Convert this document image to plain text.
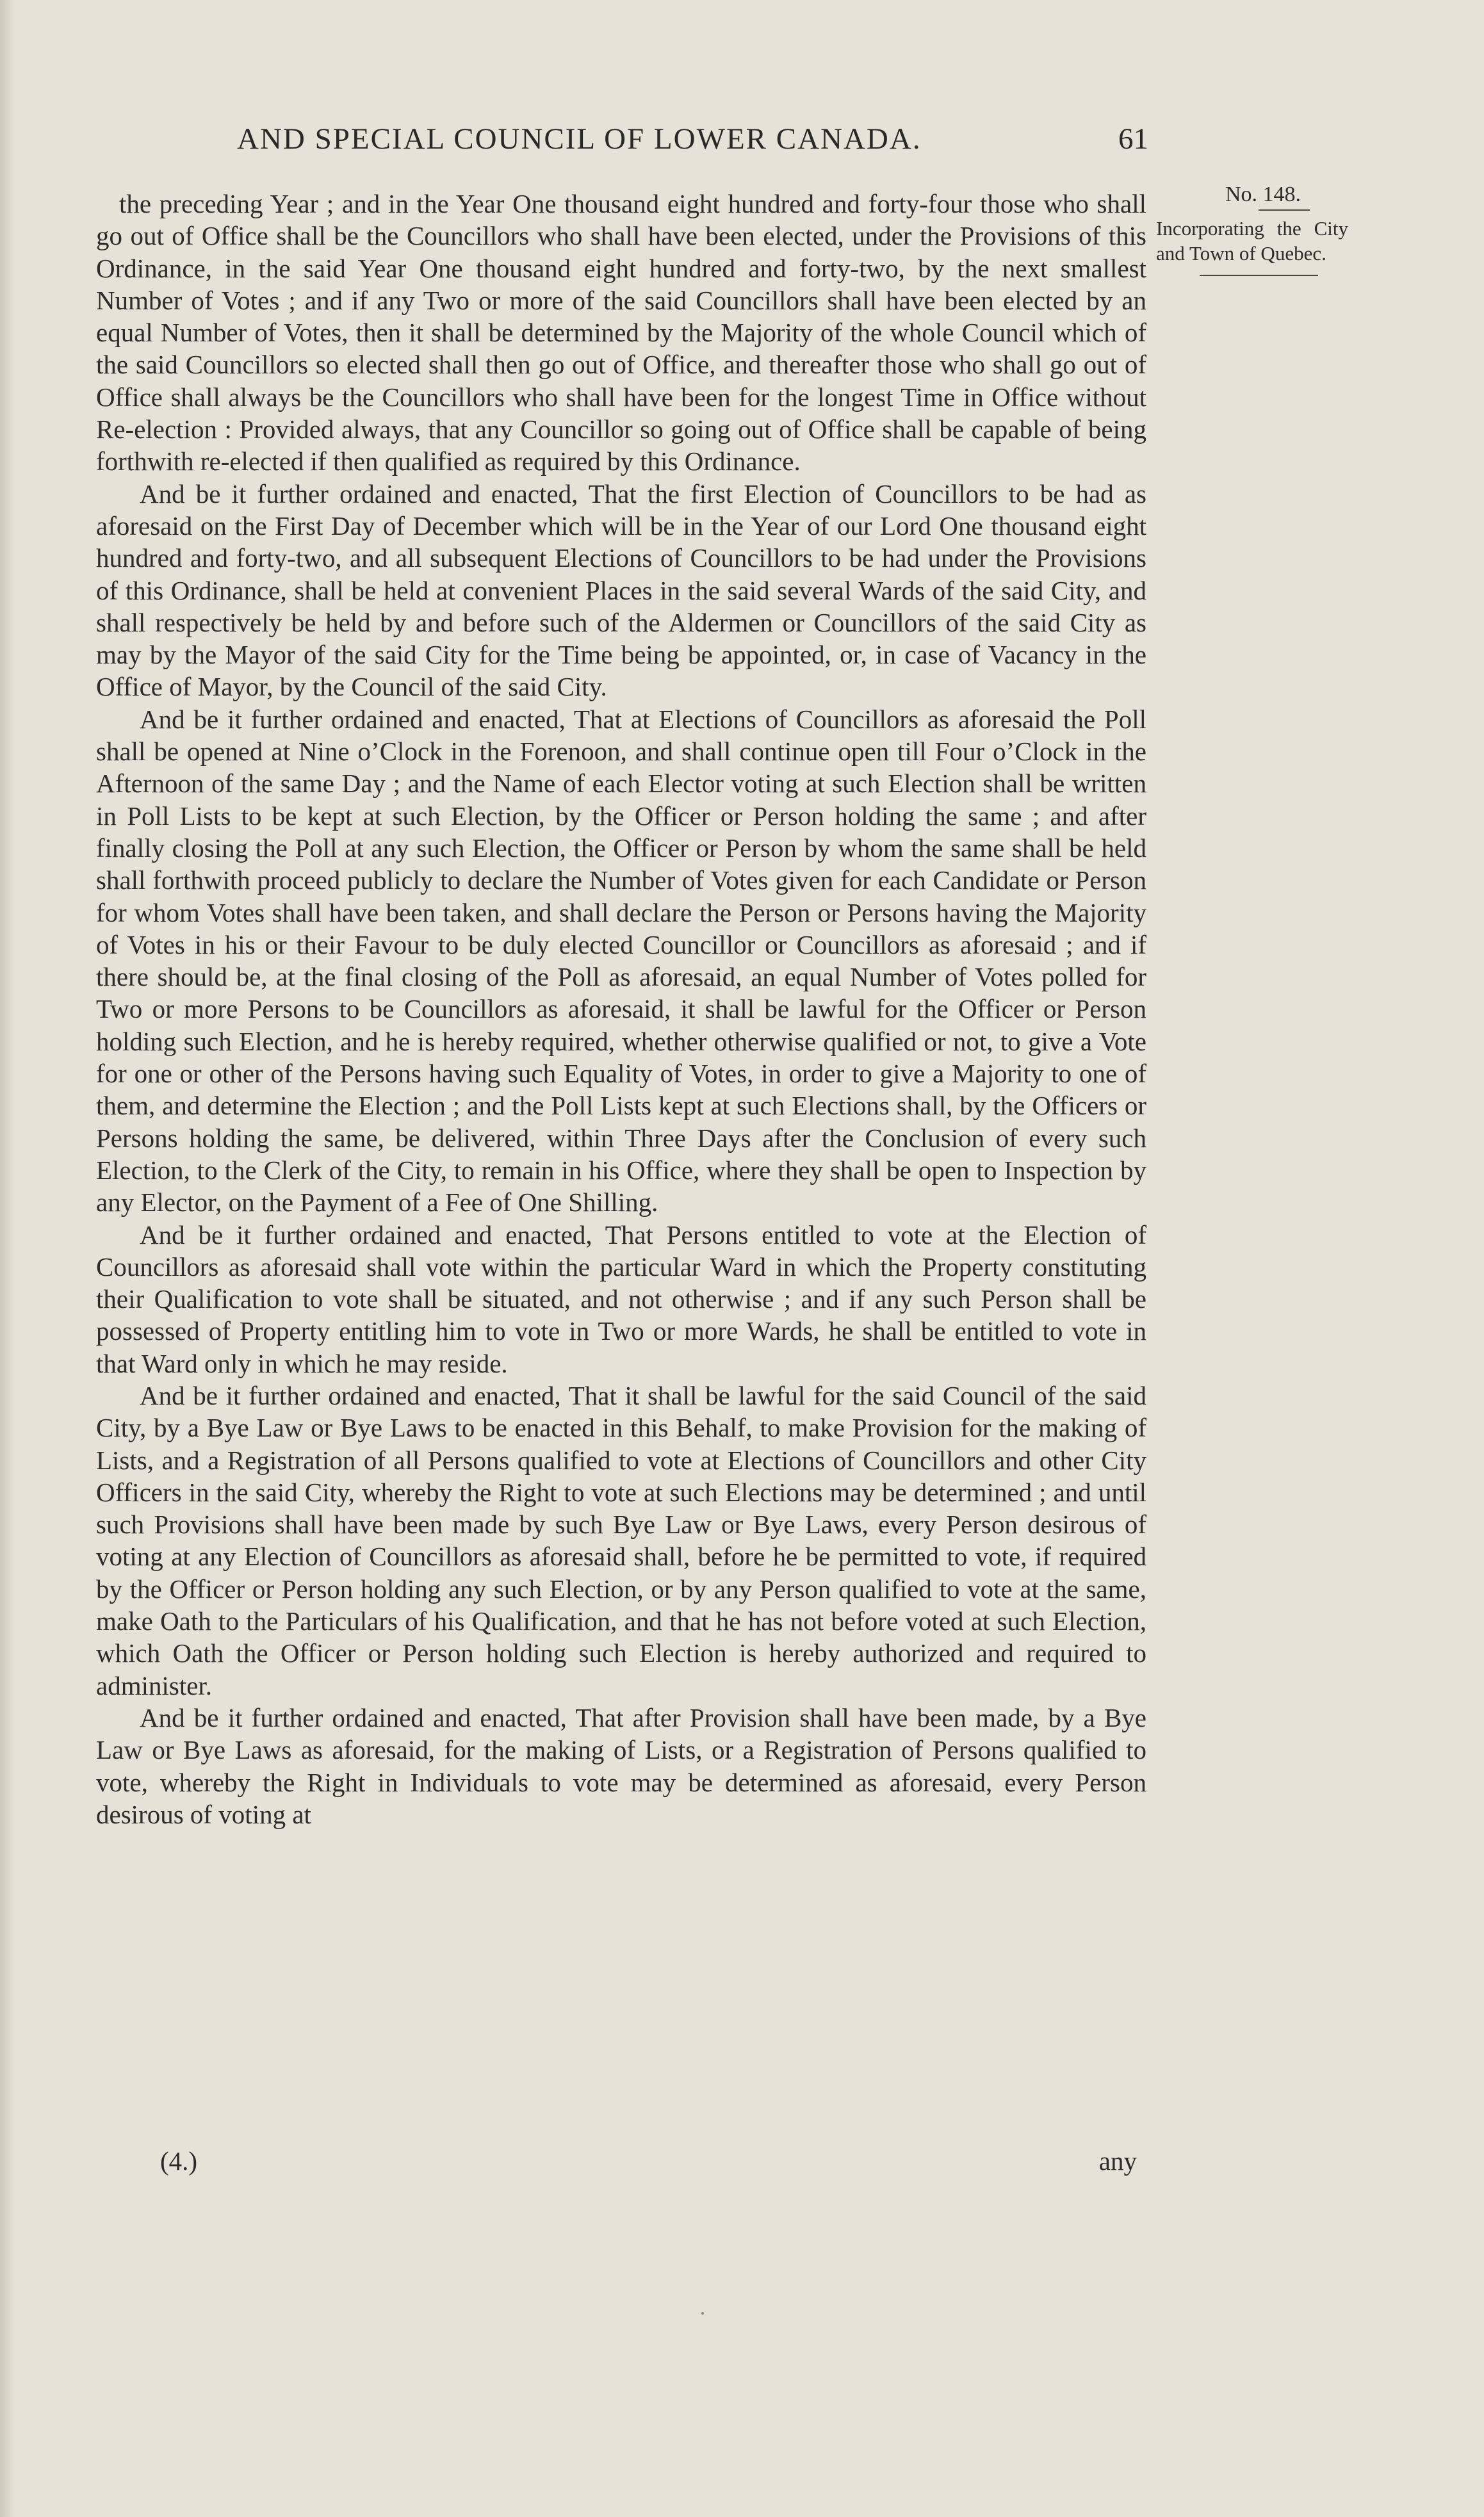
AND SPECIAL COUNCIL OF LOWER CANADA.	61
No. 148.
Incorporating the City and Town of Quebec.

the preceding Year ; and in the Year One thousand eight hundred and forty-four those who shall go out of Office shall be the Councillors who shall have been elected, under the Provisions of this Ordinance, in the said Year One thousand eight hundred and forty-two, by the next smallest Number of Votes ; and if any Two or more of the said Councillors shall have been elected by an equal Number of Votes, then it shall be determined by the Majority of the whole Council which of the said Councillors so elected shall then go out of Office, and thereafter those who shall go out of Office shall always be the Councillors who shall have been for the longest Time in Office without Re-election : Provided always, that any Councillor so going out of Office shall be capable of being forthwith re-elected if then qualified as required by this Ordinance.

And be it further ordained and enacted, That the first Election of Councillors to be had as aforesaid on the First Day of December which will be in the Year of our Lord One thousand eight hundred and forty-two, and all subsequent Elections of Councillors to be had under the Provisions of this Ordinance, shall be held at convenient Places in the said several Wards of the said City, and shall respectively be held by and before such of the Aldermen or Councillors of the said City as may by the Mayor of the said City for the Time being be appointed, or, in case of Vacancy in the Office of Mayor, by the Council of the said City.

And be it further ordained and enacted, That at Elections of Councillors as aforesaid the Poll shall be opened at Nine o’Clock in the Forenoon, and shall continue open till Four o’Clock in the Afternoon of the same Day ; and the Name of each Elector voting at such Election shall be written in Poll Lists to be kept at such Election, by the Officer or Person holding the same ; and after finally closing the Poll at any such Election, the Officer or Person by whom the same shall be held shall forthwith proceed publicly to declare the Number of Votes given for each Candidate or Person for whom Votes shall have been taken, and shall declare the Person or Persons having the Majority of Votes in his or their Favour to be duly elected Councillor or Councillors as aforesaid ; and if there should be, at the final closing of the Poll as aforesaid, an equal Number of Votes polled for Two or more Persons to be Councillors as aforesaid, it shall be lawful for the Officer or Person holding such Election, and he is hereby required, whether otherwise qualified or not, to give a Vote for one or other of the Persons having such Equality of Votes, in order to give a Majority to one of them, and determine the Election ; and the Poll Lists kept at such Elections shall, by the Officers or Persons holding the same, be delivered, within Three Days after the Conclusion of every such Election, to the Clerk of the City, to remain in his Office, where they shall be open to Inspection by any Elector, on the Payment of a Fee of One Shilling.

And be it further ordained and enacted, That Persons entitled to vote at the Election of Councillors as aforesaid shall vote within the particular Ward in which the Property constituting their Qualification to vote shall be situated, and not otherwise ; and if any such Person shall be possessed of Property entitling him to vote in Two or more Wards, he shall be entitled to vote in that Ward only in which he may reside.

And be it further ordained and enacted, That it shall be lawful for the said Council of the said City, by a Bye Law or Bye Laws to be enacted in this Behalf, to make Provision for the making of Lists, and a Registration of all Persons qualified to vote at Elections of Councillors and other City Officers in the said City, whereby the Right to vote at such Elections may be determined ; and until such Provisions shall have been made by such Bye Law or Bye Laws, every Person desirous of voting at any Election of Councillors as aforesaid shall, before he be permitted to vote, if required by the Officer or Person holding any such Election, or by any Person qualified to vote at the same, make Oath to the Particulars of his Qualification, and that he has not before voted at such Election, which Oath the Officer or Person holding such Election is hereby authorized and required to administer.

And be it further ordained and enacted, That after Provision shall have been made, by a Bye Law or Bye Laws as aforesaid, for the making of Lists, or a Registration of Persons qualified to vote, whereby the Right in Individuals to vote may be determined as aforesaid, every Person desirous of voting at

(4.)	any
